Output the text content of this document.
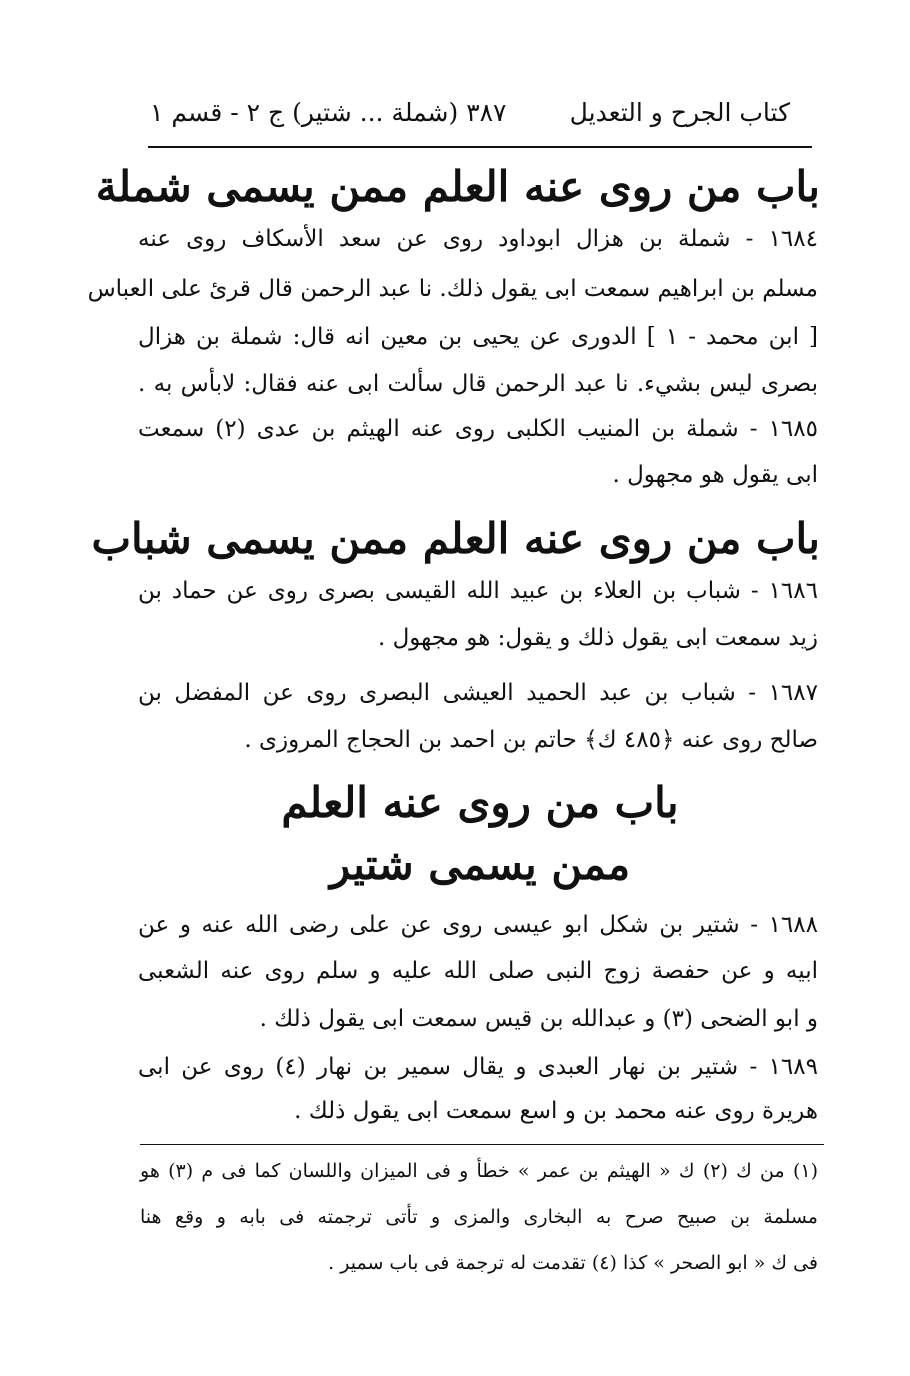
كتاب الجرح و التعديل
٣٨٧ (شملة ... شتير) ج ٢ - قسم ١
باب من روى عنه العلم ممن يسمى شملة
١٦٨٤ - شملة بن هزال ابوداود روى عن سعد الأسكاف روى عنه
مسلم بن ابراهيم سمعت ابى يقول ذلك. نا عبد الرحمن قال قرئ على العباس
[ ابن محمد - ١ ] الدورى عن يحيى بن معين انه قال: شملة بن هزال
بصرى ليس بشيء. نا عبد الرحمن قال سألت ابى عنه فقال: لابأس به .
١٦٨٥ - شملة بن المنيب الكلبى روى عنه الهيثم بن عدى (٢) سمعت
ابى يقول هو مجهول .
باب من روى عنه العلم ممن يسمى شباب
١٦٨٦ - شباب بن العلاء بن عبيد الله القيسى بصرى روى عن حماد بن
زيد سمعت ابى يقول ذلك و يقول: هو مجهول .
١٦٨٧ - شباب بن عبد الحميد العيشى البصرى روى عن المفضل بن
صالح روى عنه ﴿٤٨٥ ك﴾ حاتم بن احمد بن الحجاج المروزى .
باب من روى عنه العلم
ممن يسمى شتير
١٦٨٨ - شتير بن شكل ابو عيسى روى عن على رضى الله عنه و عن
ابيه و عن حفصة زوج النبى صلى الله عليه و سلم روى عنه الشعبى
و ابو الضحى (٣) و عبدالله بن قيس سمعت ابى يقول ذلك .
١٦٨٩ - شتير بن نهار العبدى و يقال سمير بن نهار (٤) روى عن ابى
هريرة روى عنه محمد بن و اسع سمعت ابى يقول ذلك .
(١) من ك (٢) ك « الهيثم بن عمر » خطأ و فى الميزان واللسان كما فى م (٣) هو
مسلمة بن صبيح صرح به البخارى والمزى و تأتى ترجمته فى بابه و وقع هنا
فى ك « ابو الصحر » كذا (٤) تقدمت له ترجمة فى باب سمير .
